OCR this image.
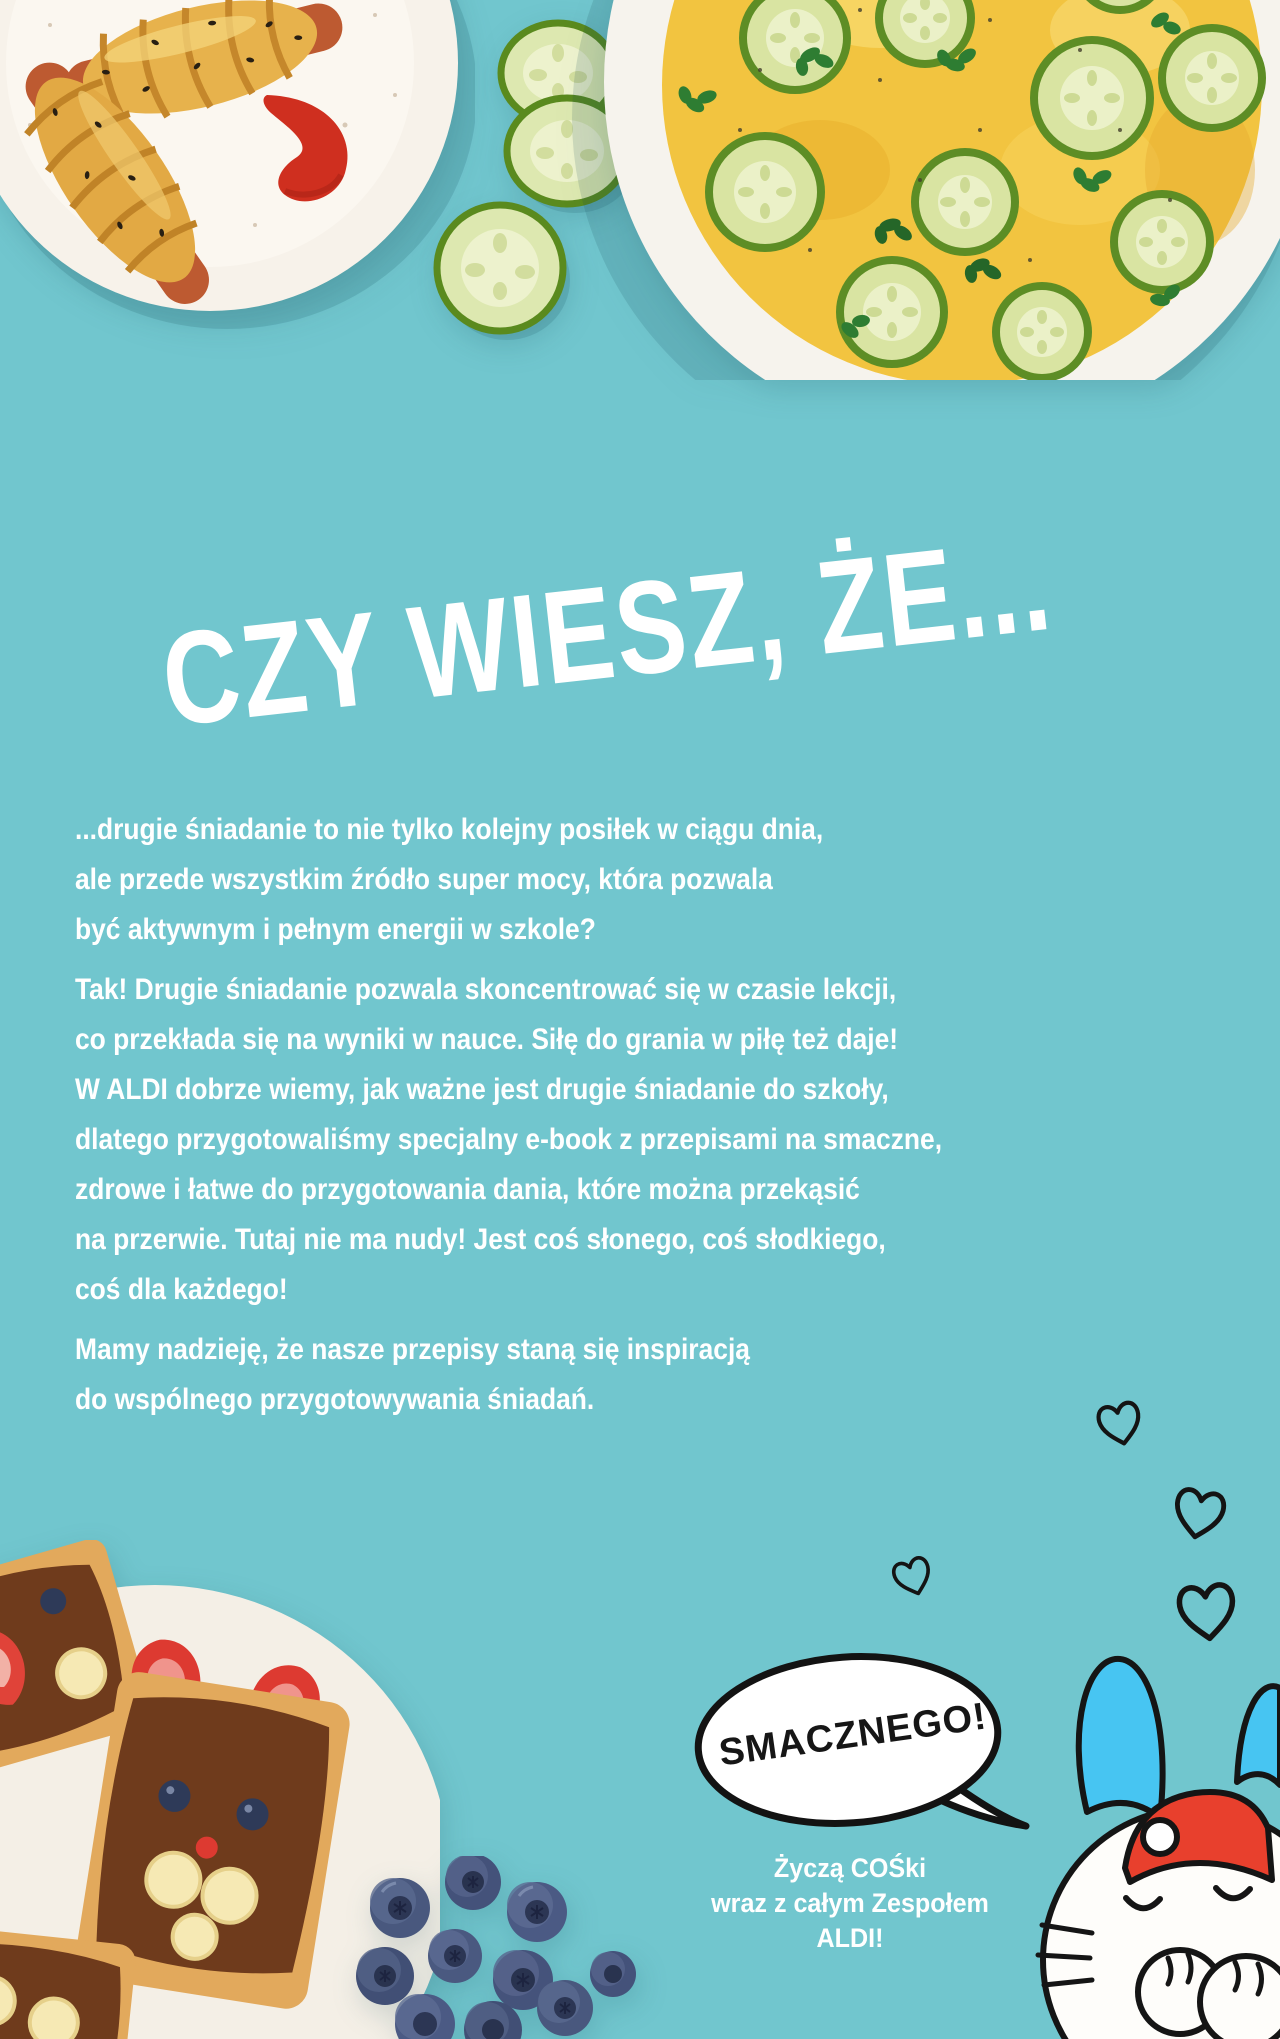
CZY WIESZ, ŻE...
...drugie śniadanie to nie tylko kolejny posiłek w ciągu dnia,
ale przede wszystkim źródło super mocy, która pozwala
być aktywnym i pełnym energii w szkole?
Tak! Drugie śniadanie pozwala skoncentrować się w czasie lekcji,
co przekłada się na wyniki w nauce. Siłę do grania w piłę też daje!
W ALDI dobrze wiemy, jak ważne jest drugie śniadanie do szkoły,
dlatego przygotowaliśmy specjalny e-book z przepisami na smaczne,
zdrowe i łatwe do przygotowania dania, które można przekąsić
na przerwie. Tutaj nie ma nudy! Jest coś słonego, coś słodkiego,
coś dla każdego!
Mamy nadzieję, że nasze przepisy staną się inspiracją
do wspólnego przygotowywania śniadań.
SMACZNEGO!
Życzą COŚki
wraz z całym Zespołem
ALDI!
